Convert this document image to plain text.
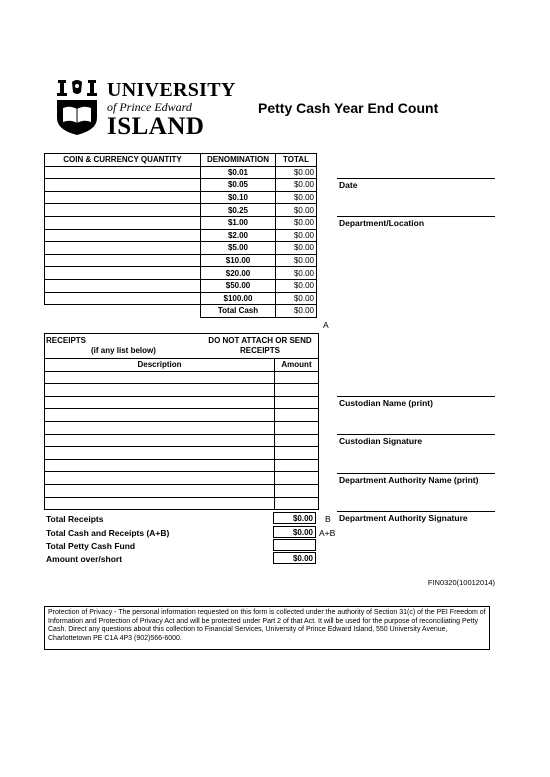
UNIVERSITY
of Prince Edward
ISLAND
Petty Cash Year End Count
COIN & CURRENCY QUANTITY	DENOMINATION	TOTAL
	$0.01	$0.00
	$0.05	$0.00
	$0.10	$0.00
	$0.25	$0.00
	$1.00	$0.00
	$2.00	$0.00
	$5.00	$0.00
	$10.00	$0.00
	$20.00	$0.00
	$50.00	$0.00
	$100.00	$0.00
	Total Cash	$0.00
A
Date
Department/Location
Custodian Name (print)
Custodian Signature
Department Authority Name (print)
Department Authority Signature
RECEIPTS
(if any list below)
DO NOT ATTACH OR SEND RECEIPTS
Description	Amount

Total Receipts	$0.00	B
Total Cash and Receipts (A+B)	$0.00 A+B
Total Petty Cash Fund
Amount over/short	$0.00
FIN0320(10012014)
Protection of Privacy - The personal information requested on this form is collected under the authority of Section 31(c) of the PEI Freedom of Information and Protection of Privacy Act and will be protected under Part 2 of that Act. It will be used for the purpose of reconciliating Petty Cash. Direct any questions about this collection to Financial Services, University of Prince Edward Island, 550 University Avenue, Charlottetown PE C1A 4P3 (902)566-6000.
